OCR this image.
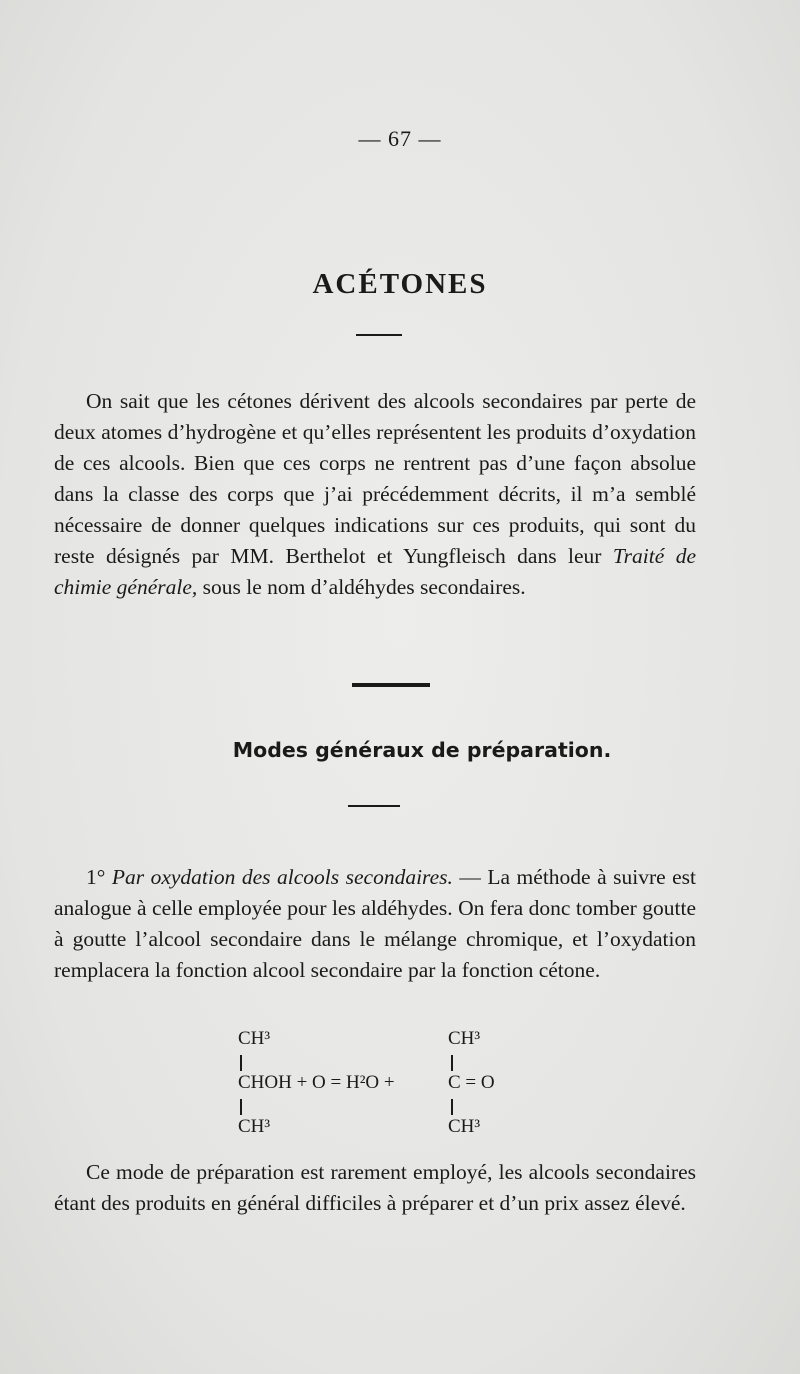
— 67 —
ACÉTONES
On sait que les cétones dérivent des alcools secondaires par perte de deux atomes d’hydrogène et qu’elles représentent les produits d’oxydation de ces alcools. Bien que ces corps ne rentrent pas d’une façon absolue dans la classe des corps que j’ai précédemment décrits, il m’a semblé nécessaire de donner quelques indications sur ces produits, qui sont du reste désignés par MM. Berthelot et Yungfleisch dans leur Traité de chimie générale, sous le nom d’aldéhydes secondaires.
Modes généraux de préparation.
1° Par oxydation des alcools secondaires. — La méthode à suivre est analogue à celle employée pour les aldéhydes. On fera donc tomber goutte à goutte l’alcool secondaire dans le mélange chromique, et l’oxydation remplacera la fonction alcool secondaire par la fonction cétone.
CH³
CHOH + O = H²O +
CH³
CH³
C = O
CH³
Ce mode de préparation est rarement employé, les alcools secondaires étant des produits en général difficiles à préparer et d’un prix assez élevé.
